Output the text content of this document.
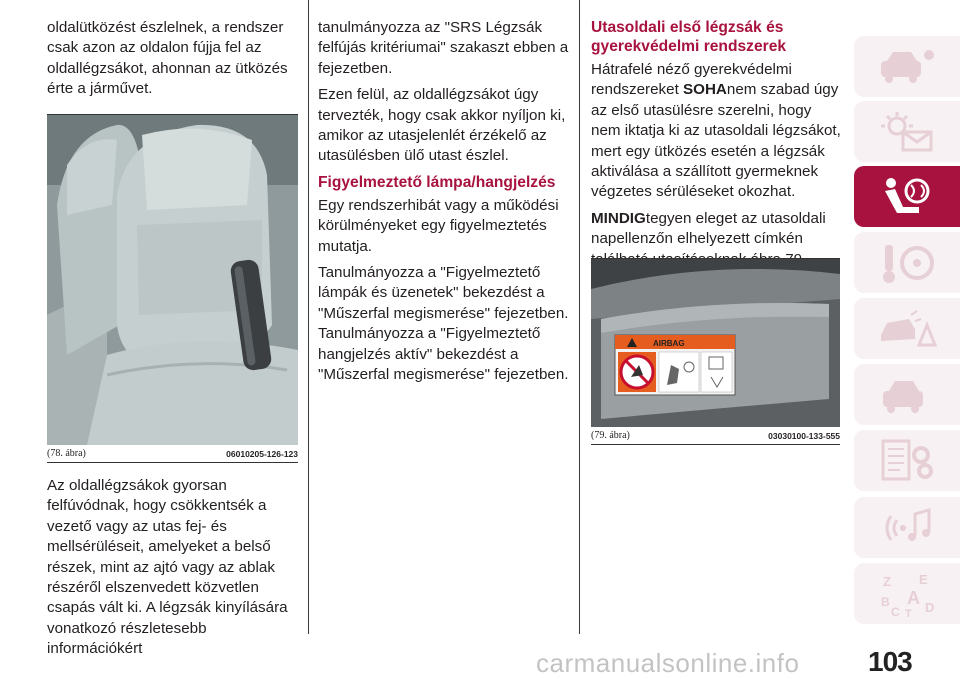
oldalütközést észlelnek, a rendszer csak azon az oldalon fújja fel az oldallégzsákot, ahonnan az ütközés érte a járművet.

(78. ábra)	06010205-126-123

Az oldallégzsákok gyorsan felfúvódnak, hogy csökkentsék a vezető vagy az utas fej- és mellsérüléseit, amelyeket a belső részek, mint az ajtó vagy az ablak részéről elszenvedett közvetlen csapás vált ki. A légzsák kinyílására vonatkozó részletesebb információkért

tanulmányozza az "SRS Légzsák felfújás kritériumai" szakaszt ebben a fejezetben.

Ezen felül, az oldallégzsákot úgy tervezték, hogy csak akkor nyíljon ki, amikor az utasjelenlét érzékelő az utasülésben ülő utast észlel.

Figyelmeztető lámpa/hangjelzés

Egy rendszerhibát vagy a működési körülményeket egy figyelmeztetés mutatja.

Tanulmányozza a "Figyelmeztető lámpák és üzenetek" bekezdést a "Műszerfal megismerése" fejezetben.

Tanulmányozza a "Figyelmeztető hangjelzés aktív" bekezdést a "Műszerfal megismerése" fejezetben.

Utasoldali első légzsák és gyerekvédelmi rendszerek

Hátrafelé néző gyerekvédelmi rendszereket SOHAnem szabad úgy az első utasülésre szerelni, hogy nem iktatja ki az utasoldali légzsákot, mert egy ütközés esetén a légzsák aktiválása a szállított gyermeknek végzetes sérüléseket okozhat.

MINDIGtegyen eleget az utasoldali napellenzőn elhelyezett címkén

AIRBAG
(79. ábra)	03030100-133-555
Z E
B A
C T D
carmanualsonline.info 103
